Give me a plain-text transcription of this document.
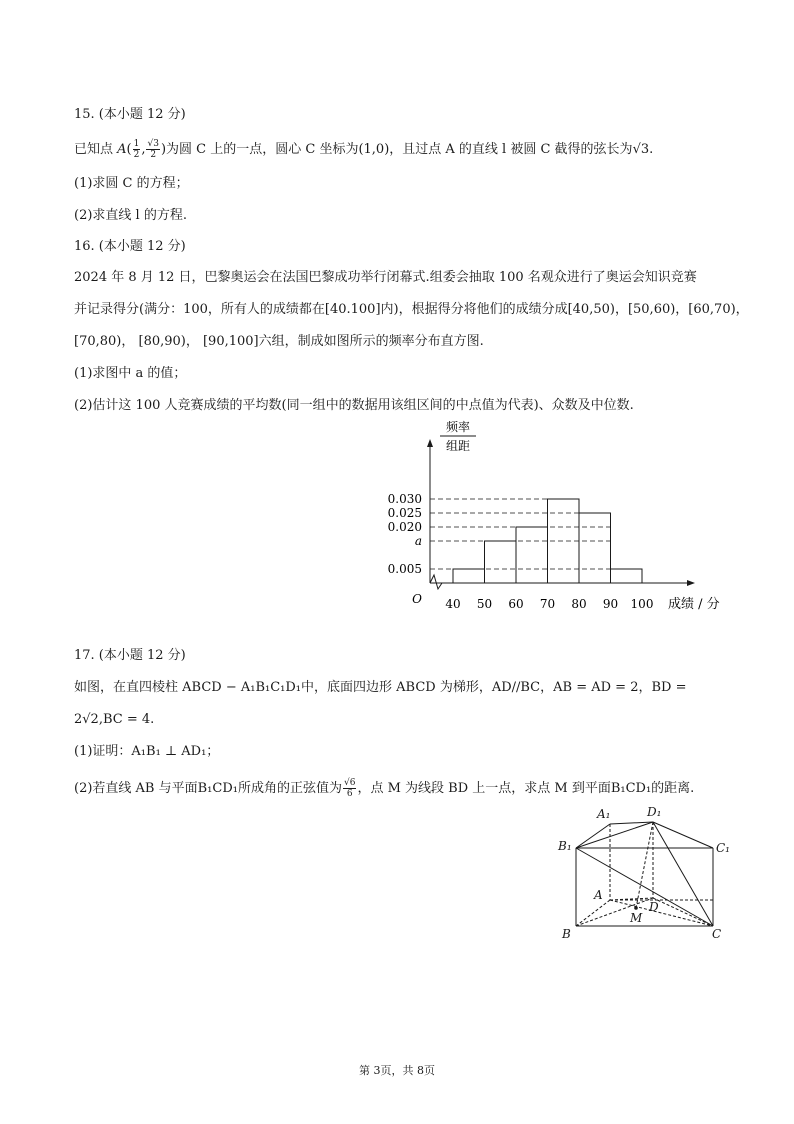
15. (本小题 12 分)
已知点 $A( \frac{1}{2}$ , $\frac{√3}{2}$ )为圆 C 上的一点，圆心 C 坐标为(1,0)，且过点 A 的直线 l 被圆 C 截得的弦长为√3.
(1)求圆 C 的方程；
(2)求直线 l 的方程.
16. (本小题 12 分)
2024 年 8 月 12 日，巴黎奥运会在法国巴黎成功举行闭幕式.组委会抽取 100 名观众进行了奥运会知识竞赛
并记录得分(满分：100，所有人的成绩都在[40.100]内)，根据得分将他们的成绩分成[40,50)，[50,60)，[60,70)，
[70,80)， [80,90)， [90,100]六组，制成如图所示的频率分布直方图.
(1)求图中 a 的值；
(2)估计这 100 人竞赛成绩的平均数(同一组中的数据用该组区间的中点值为代表)、众数及中位数.
频率
组距
O	成绩 / 分
0.030
0.025
0.020
a
0.005
40 50 60 70 80 90 100
17. (本小题 12 分)
如图，在直四棱柱 ABCD − A₁B₁C₁D₁中，底面四边形 ABCD 为梯形，AD//BC，AB = AD = 2，BD =
2√2,BC = 4.
(1)证明：A₁B₁ ⊥ AD₁；
(2)若直线 AB 与平面B₁CD₁所成角的正弦值为 $\frac{√6}{6}$ ，点 M 为线段 BD 上一点，求点 M 到平面B₁CD₁的距离.
A₁	D₁
B₁	C₁
A
D
M
B	C
第 3页，共 8页
